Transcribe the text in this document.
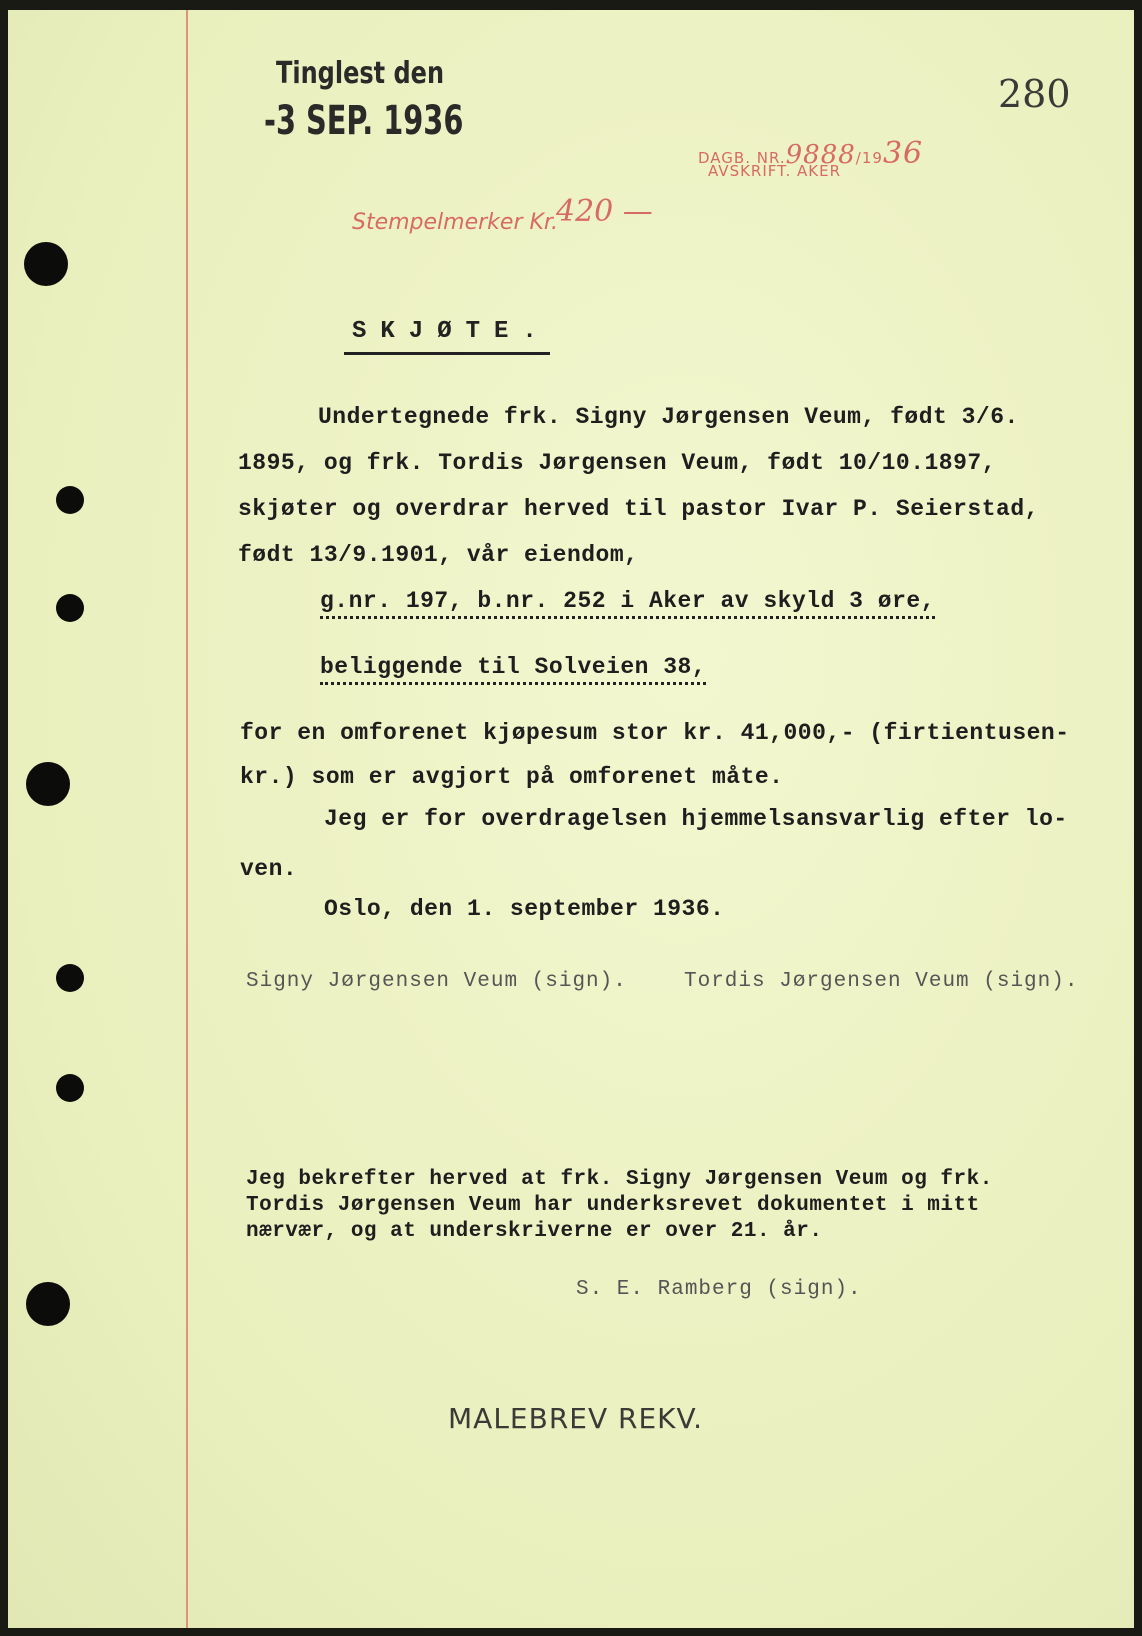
Tinglest den
-3 SEP. 1936
280
DAGB. NR.9888/1936
AVSKRIFT. AKER
Stempelmerker Kr.
420 —
SKJØTE.
Undertegnede frk. Signy Jørgensen Veum, født 3/6.
1895, og frk. Tordis Jørgensen Veum, født 10/10.1897,
skjøter og overdrar herved til pastor Ivar P. Seierstad,
født 13/9.1901, vår eiendom,
g.nr. 197, b.nr. 252 i Aker av skyld 3 øre,
beliggende til Solveien 38,
for en omforenet kjøpesum stor kr. 41,000,- (firtientusen-
kr.) som er avgjort på omforenet måte.
Jeg er for overdragelsen hjemmelsansvarlig efter lo-
ven.
Oslo, den 1. september 1936.
Signy Jørgensen Veum (sign).	Tordis Jørgensen Veum (sign).
Jeg bekrefter herved at frk. Signy Jørgensen Veum og frk.
Tordis Jørgensen Veum har underksrevet dokumentet i mitt
nærvær, og at underskriverne er over 21. år.
S. E. Ramberg (sign).
MALEBREV REKV.
